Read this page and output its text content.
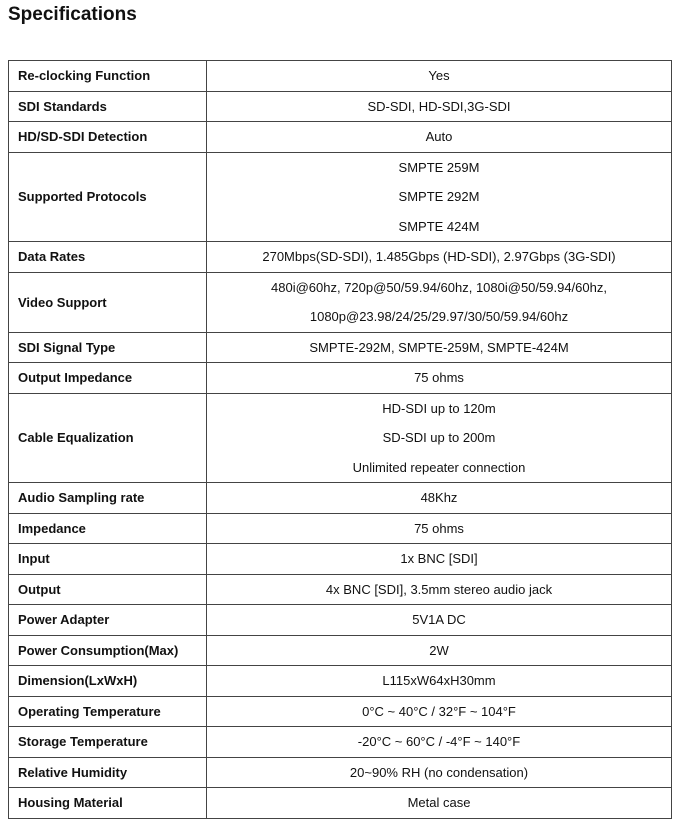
Specifications
Re-clocking Function	Yes

SDI Standards	SD-SDI, HD-SDI,3G-SDI

HD/SD-SDI Detection	Auto

Supported Protocols	SMPTE 259M
SMPTE 292M
SMPTE 424M

Data Rates	270Mbps(SD-SDI), 1.485Gbps (HD-SDI), 2.97Gbps (3G-SDI)

Video Support	480i@60hz, 720p@50/59.94/60hz, 1080i@50/59.94/60hz,
1080p@23.98/24/25/29.97/30/50/59.94/60hz

SDI Signal Type	SMPTE-292M, SMPTE-259M, SMPTE-424M

Output Impedance	75 ohms

Cable Equalization	HD-SDI up to 120m
SD-SDI up to 200m
Unlimited repeater connection

Audio Sampling rate	48Khz

Impedance	75 ohms

Input	1x BNC [SDI]

Output	4x BNC [SDI], 3.5mm stereo audio jack

Power Adapter	5V1A DC

Power Consumption(Max)	2W

Dimension(LxWxH)	L115xW64xH30mm

Operating Temperature	0°C ~ 40°C / 32°F ~ 104°F

Storage Temperature	-20°C ~ 60°C / -4°F ~ 140°F

Relative Humidity	20~90% RH (no condensation)

Housing Material	Metal case
